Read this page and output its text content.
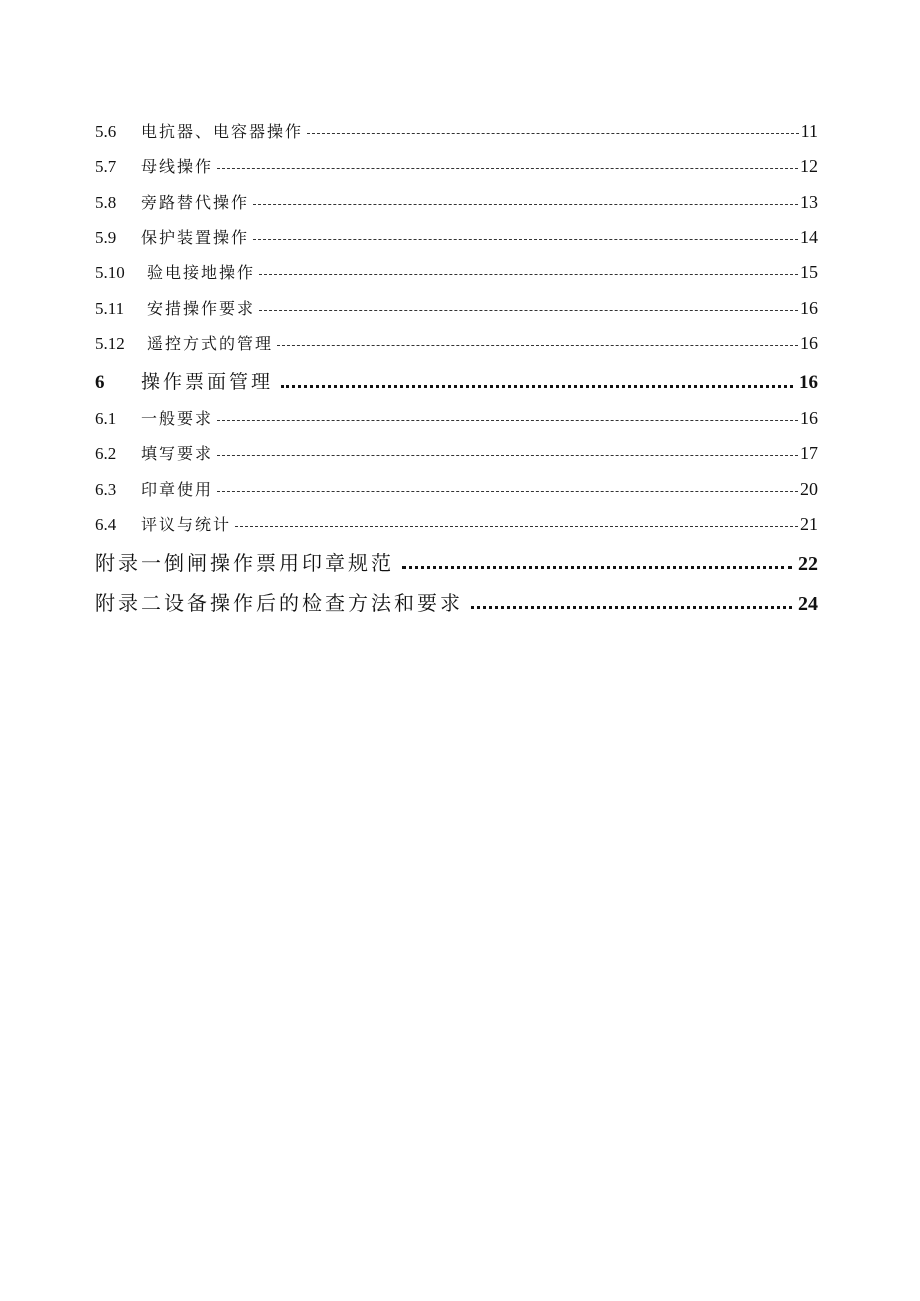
5.6	电抗器、电容器操作	11
5.7	母线操作	12
5.8	旁路替代操作	13
5.9	保护装置操作	14
5.10	验电接地操作	15
5.11	安措操作要求	16
5.12	遥控方式的管理	16
6	操作票面管理	16
6.1	一般要求	16
6.2	填写要求	17
6.3	印章使用	20
6.4	评议与统计	21
附录一倒闸操作票用印章规范	22
附录二设备操作后的检查方法和要求	24
